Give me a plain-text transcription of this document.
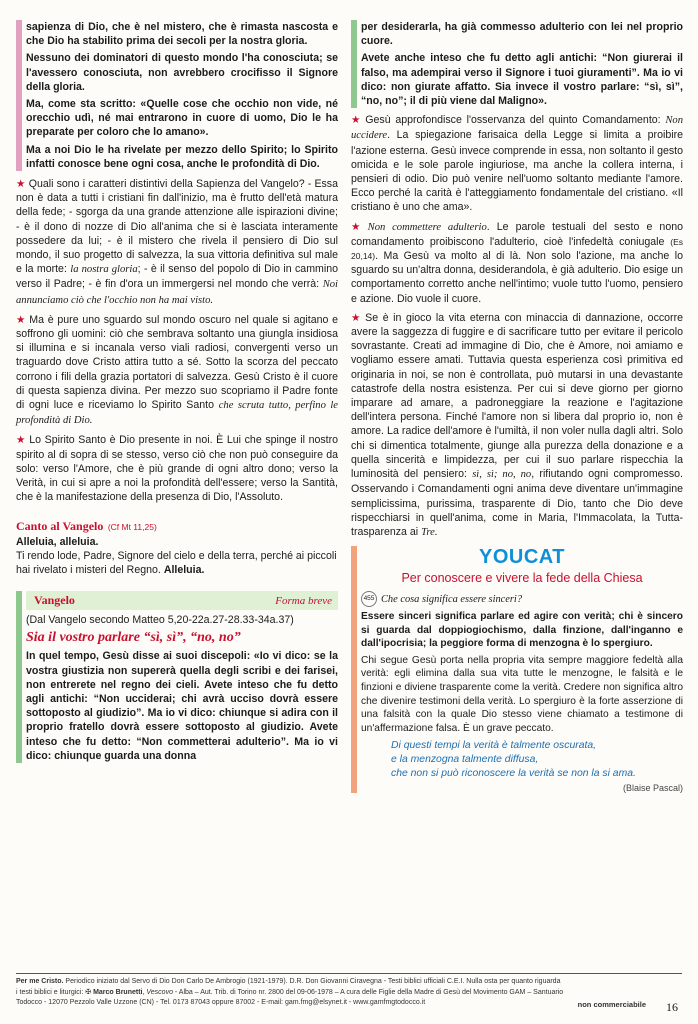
sapienza di Dio, che è nel mistero, che è rimasta nascosta e che Dio ha stabilito prima dei secoli per la nostra gloria.

Nessuno dei dominatori di questo mondo l'ha conosciuta; se l'avessero conosciuta, non avrebbero crocifisso il Signore della gloria.

Ma, come sta scritto: «Quelle cose che occhio non vide, né orecchio udì, né mai entrarono in cuore di uomo, Dio le ha preparate per coloro che lo amano».

Ma a noi Dio le ha rivelate per mezzo dello Spirito; lo Spirito infatti conosce bene ogni cosa, anche le profondità di Dio.

★ Quali sono i caratteri distintivi della Sapienza del Vangelo? - Essa non è data a tutti i cristiani fin dall'inizio, ma è frutto dell'età matura della fede; - sgorga da una grande attenzione alle ispirazioni divine; - è il dono di nozze di Dio all'anima che si è lasciata interamente possedere da lui; - è il mistero che rivela il pensiero di Dio sul mondo, il suo progetto di salvezza, la sua vittoria definitiva sul male e la morte: la nostra gloria; - è il senso del popolo di Dio in cammino verso il Padre; - è fin d'ora un immergersi nel mondo che verrà: Noi annunciamo ciò che l'occhio non ha mai visto.

★ Ma è pure uno sguardo sul mondo oscuro nel quale si agitano e soffrono gli uomini: ciò che sembrava soltanto una giungla insidiosa si illumina e si incanala verso viali radiosi, convergenti verso un traguardo dove Cristo attira tutto a sé. Sotto la scorza del peccato corrono i fili della grazia portatori di salvezza. Gesù Cristo è il cuore di questa sapienza divina. Per mezzo suo scopriamo il Padre fonte di ogni luce e riceviamo lo Spirito Santo che scruta tutto, perfino le profondità di Dio.

★ Lo Spirito Santo è Dio presente in noi. È Lui che spinge il nostro spirito al di sopra di se stesso, verso ciò che non può conseguire da solo: verso l'Amore, che è più grande di ogni altro dono; verso la Verità, in cui si apre a noi la profondità dell'essere; verso la Santità, che è la manifestazione della presenza di Dio, l'Assoluto.

Canto al Vangelo (Cf Mt 11,25)

Alleluia, alleluia.

Ti rendo lode, Padre, Signore del cielo e della terra, perché ai piccoli hai rivelato i misteri del Regno. Alleluia.

Vangelo	Forma breve

(Dal Vangelo secondo Matteo 5,20-22a.27-28.33-34a.37)

Sia il vostro parlare “sì, sì”, “no, no”

In quel tempo, Gesù disse ai suoi discepoli: «Io vi dico: se la vostra giustizia non supererà quella degli scribi e dei farisei, non entrerete nel regno dei cieli. Avete inteso che fu detto agli antichi: “Non ucciderai; chi avrà ucciso dovrà essere sottoposto al giudizio”. Ma io vi dico: chiunque si adira con il proprio fratello dovrà essere sottoposto al giudizio. Avete inteso che fu detto: “Non commetterai adulterio”. Ma io vi dico: chiunque guarda una donna

per desiderarla, ha già commesso adulterio con lei nel proprio cuore.

Avete anche inteso che fu detto agli antichi: “Non giurerai il falso, ma adempirai verso il Signore i tuoi giuramenti”. Ma io vi dico: non giurate affatto. Sia invece il vostro parlare: “sì, sì”, “no, no”; il di più viene dal Maligno».

★ Gesù approfondisce l'osservanza del quinto Comandamento: Non uccidere. La spiegazione farisaica della Legge si limita a proibire l'azione esterna. Gesù invece comprende in essa, non soltanto il gesto omicida e le sole parole ingiuriose, ma anche la collera interna, i pensieri di odio. Dio può venire nell'uomo soltanto mediante l'amore. Ecco perché la carità è l'atteggiamento fondamentale del cristiano. «Il cristiano è uno che ama».

★ Non commettere adulterio. Le parole testuali del sesto e nono comandamento proibiscono l'adulterio, cioè l'infedeltà coniugale (Es 20,14). Ma Gesù va molto al di là. Non solo l'azione, ma anche lo sguardo su un'altra donna, desiderandola, è già adulterio. Dio esige un comportamento corretto anche nell'intimo; vuole tutto l'uomo, pensiero e azione. Dio vuole il cuore.

★ Se è in gioco la vita eterna con minaccia di dannazione, occorre avere la saggezza di fuggire e di sacrificare tutto per evitare il pericolo sovrastante. Creati ad immagine di Dio, che è Amore, noi amiamo e vogliamo essere amati. Tuttavia questa esperienza così primitiva ed originaria in noi, se non è controllata, può mutarsi in una devastante catastrofe della nostra esistenza. Per cui si deve giorno per giorno imparare ad amare, a padroneggiare la reazione e l'agitazione dell'intera persona. Finché l'amore non si libera dal proprio io, non è amore. La radice dell'amore è l'umiltà, il non voler nulla dagli altri. Solo chi si dimentica totalmente, giunge alla purezza della donazione e a quella sincerità e limpidezza, per cui il suo parlare rispecchia la luminosità del pensiero: sì, sì; no, no, rifiutando ogni compromesso. Osservando i Comandamenti ogni anima deve diventare un'immagine semplicissima, purissima, trasparente di Dio, tanto che Dio deve rispecchiarsi in quell'anima, come in Maria, l'Immacolata, la Tutta-trasparenza ai Tre.

YOUCAT
Per conoscere e vivere la fede della Chiesa

455 Che cosa significa essere sinceri?

Essere sinceri significa parlare ed agire con verità; chi è sincero si guarda dal doppiogiochismo, dalla finzione, dall'inganno e dall'ipocrisia; la peggiore forma di menzogna è lo spergiuro.

Chi segue Gesù porta nella propria vita sempre maggiore fedeltà alla verità: egli elimina dalla sua vita tutte le menzogne, le falsità e le finzioni e diviene trasparente come la verità. Credere non significa altro che divenire testimoni della verità. Lo spergiuro è la forte asserzione di una falsità con la quale Dio stesso viene chiamato a testimone di un'affermazione falsa. È un grave peccato.

Di questi tempi la verità è talmente oscurata,
e la menzogna talmente diffusa,
che non si può riconoscere la verità se non la si ama.
(Blaise Pascal)
Per me Cristo. Periodico iniziato dal Servo di Dio Don Carlo De Ambrogio (1921-1979). D.R. Don Giovanni Ciravegna - Testi biblici ufficiali C.E.I. Nulla osta per quanto riguarda
i testi biblici e liturgici: ✠ Marco Brunetti, Vescovo - Alba – Aut. Trib. di Torino nr. 2800 del 09-06-1978 – A cura delle Figlie della Madre di Gesù del Movimento GAM – Santuario
Todocco - 12070 Pezzolo Valle Uzzone (CN) - Tel. 0173 87043 oppure 87002 - E-mail: gam.fmg@elsynet.it - www.gamfmgtodocco.it	non commerciabile 16
